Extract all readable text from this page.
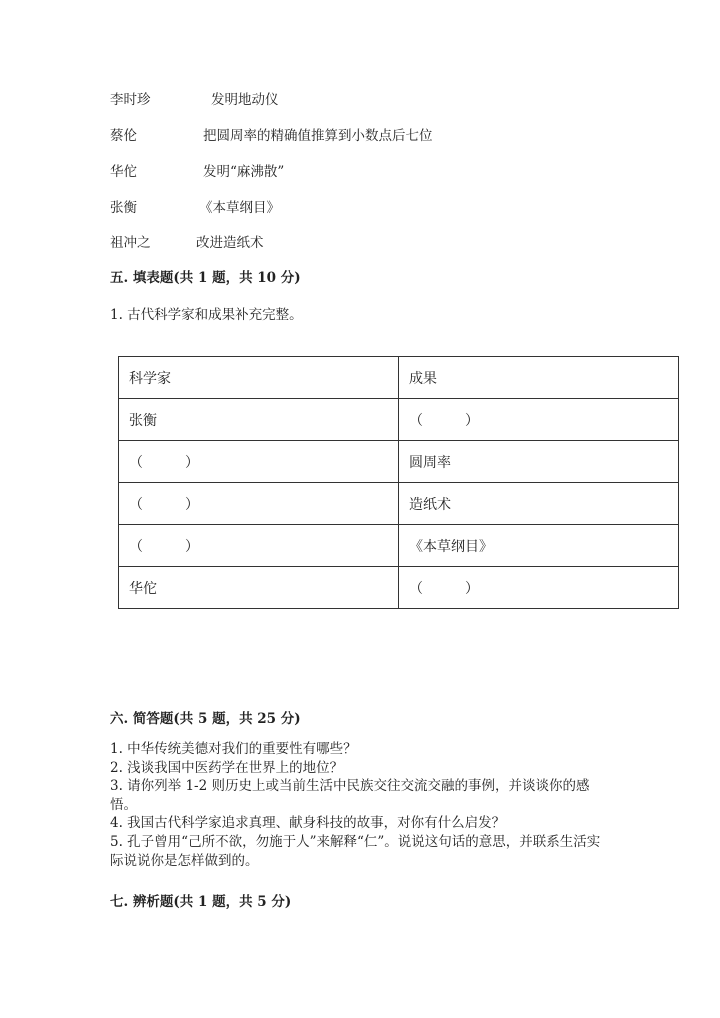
李时珍	发明地动仪
蔡伦	把圆周率的精确值推算到小数点后七位
华佗	发明“麻沸散”
张衡	《本草纲目》
祖冲之	改进造纸术
五. 填表题(共 1 题，共 10 分)
1. 古代科学家和成果补充完整。
科学家	成果
张衡	（　　　）
（　　　）	圆周率
（　　　）	造纸术
（　　　）	《本草纲目》
华佗	（　　　）
六. 简答题(共 5 题，共 25 分)
1. 中华传统美德对我们的重要性有哪些？
2. 浅谈我国中医药学在世界上的地位？
3. 请你列举 1-2 则历史上或当前生活中民族交往交流交融的事例，并谈谈你的感悟。
4. 我国古代科学家追求真理、献身科技的故事，对你有什么启发？
5. 孔子曾用“己所不欲，勿施于人”来解释“仁”。说说这句话的意思，并联系生活实际说说你是怎样做到的。
七. 辨析题(共 1 题，共 5 分)
